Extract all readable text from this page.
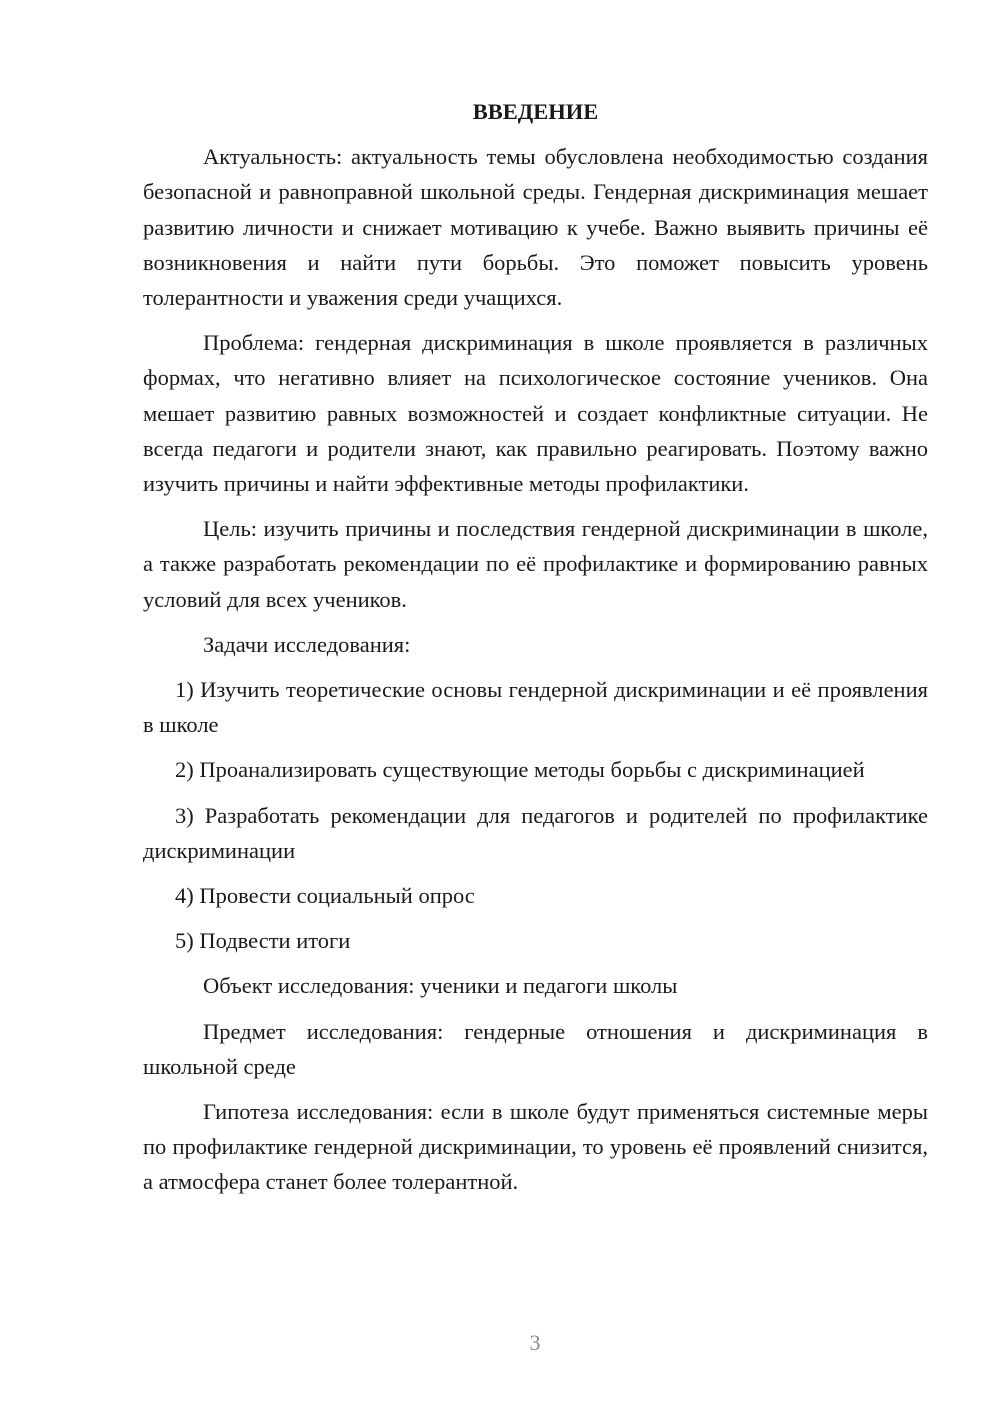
ВВЕДЕНИЕ

Актуальность: актуальность темы обусловлена необходимостью создания безопасной и равноправной школьной среды. Гендерная дискриминация мешает развитию личности и снижает мотивацию к учебе. Важно выявить причины её возникновения и найти пути борьбы. Это поможет повысить уровень толерантности и уважения среди учащихся.

Проблема: гендерная дискриминация в школе проявляется в различных формах, что негативно влияет на психологическое состояние учеников. Она мешает развитию равных возможностей и создает конфликтные ситуации. Не всегда педагоги и родители знают, как правильно реагировать. Поэтому важно изучить причины и найти эффективные методы профилактики.

Цель: изучить причины и последствия гендерной дискриминации в школе, а также разработать рекомендации по её профилактике и формированию равных условий для всех учеников.

Задачи исследования:

1) Изучить теоретические основы гендерной дискриминации и её проявления в школе

2) Проанализировать существующие методы борьбы с дискриминацией

3) Разработать рекомендации для педагогов и родителей по профилактике дискриминации

4) Провести социальный опрос

5) Подвести итоги

Объект исследования: ученики и педагоги школы

Предмет исследования: гендерные отношения и дискриминация в школьной среде

Гипотеза исследования: если в школе будут применяться системные меры по профилактике гендерной дискриминации, то уровень её проявлений снизится, а атмосфера станет более толерантной.

3
